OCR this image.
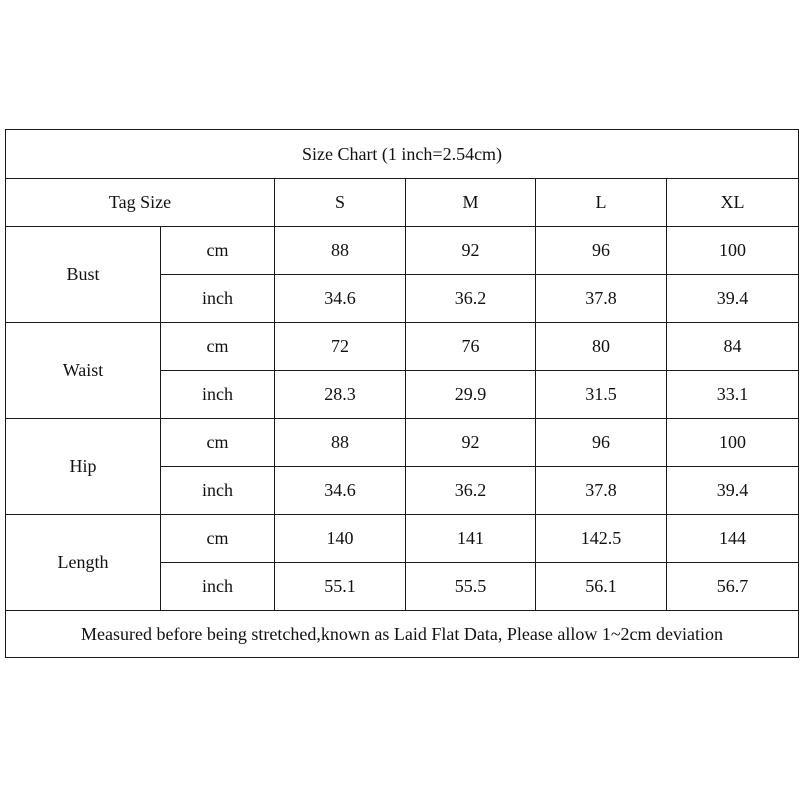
Size Chart (1 inch=2.54cm)					
Tag Size		S	M	L	XL
Bust	cm	88	92	96	100
	inch	34.6	36.2	37.8	39.4
Waist	cm	72	76	80	84
	inch	28.3	29.9	31.5	33.1
Hip	cm	88	92	96	100
	inch	34.6	36.2	37.8	39.4
Length	cm	140	141	142.5	144
	inch	55.1	55.5	56.1	56.7
Measured before being stretched,known as Laid Flat Data, Please allow 1~2cm deviation					
